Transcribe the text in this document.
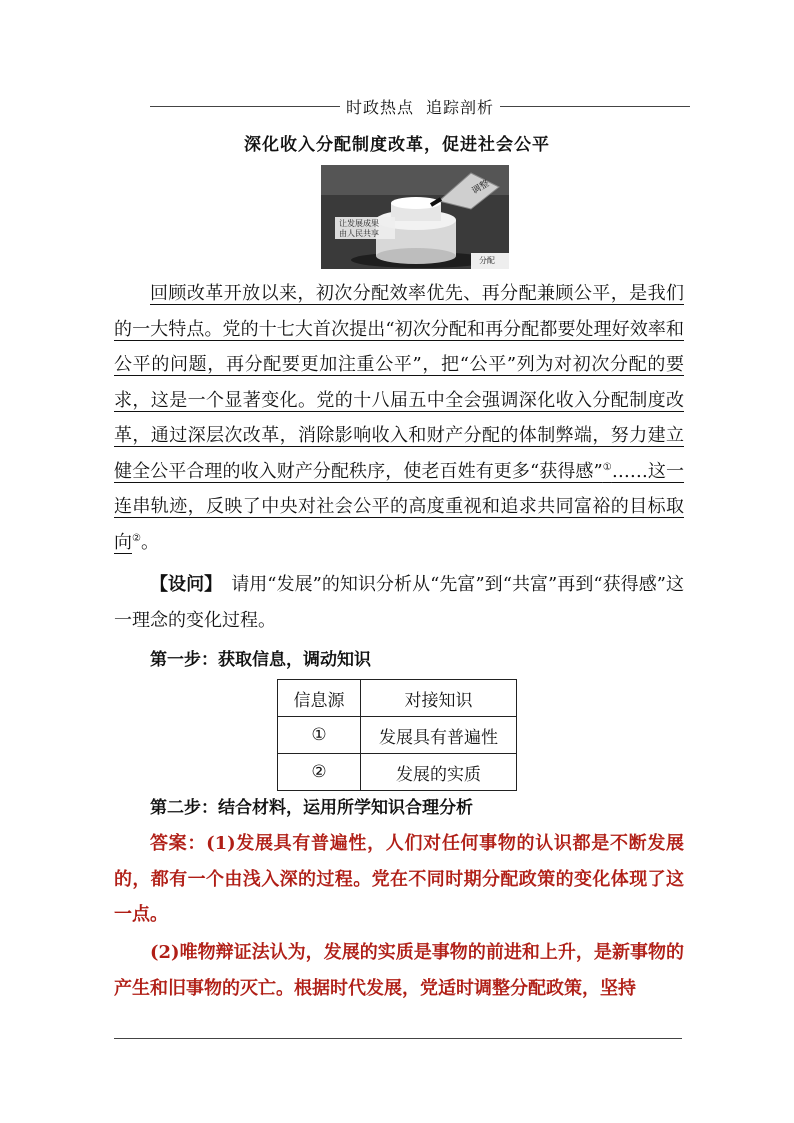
时政热点 追踪剖析
深化收入分配制度改革，促进社会公平
让发展成果
由人民共享
调整
分配

回顾改革开放以来，初次分配效率优先、再分配兼顾公平，是我们的一大特点。党的十七大首次提出“初次分配和再分配都要处理好效率和公平的问题，再分配要更加注重公平”，把“公平”列为对初次分配的要求，这是一个显著变化。党的十八届五中全会强调深化收入分配制度改革，通过深层次改革，消除影响收入和财产分配的体制弊端，努力建立健全公平合理的收入财产分配秩序，使老百姓有更多“获得感”①……这一连串轨迹，反映了中央对社会公平的高度重视和追求共同富裕的目标取向②。

【设问】　请用“发展”的知识分析从“先富”到“共富”再到“获得感”这一理念的变化过程。

第一步：获取信息，调动知识
信息源	对接知识
①	发展具有普遍性
②	发展的实质
第二步：结合材料，运用所学知识合理分析

答案：(1)发展具有普遍性，人们对任何事物的认识都是不断发展的，都有一个由浅入深的过程。党在不同时期分配政策的变化体现了这一点。

(2)唯物辩证法认为，发展的实质是事物的前进和上升，是新事物的产生和旧事物的灭亡。根据时代发展，党适时调整分配政策，坚持
